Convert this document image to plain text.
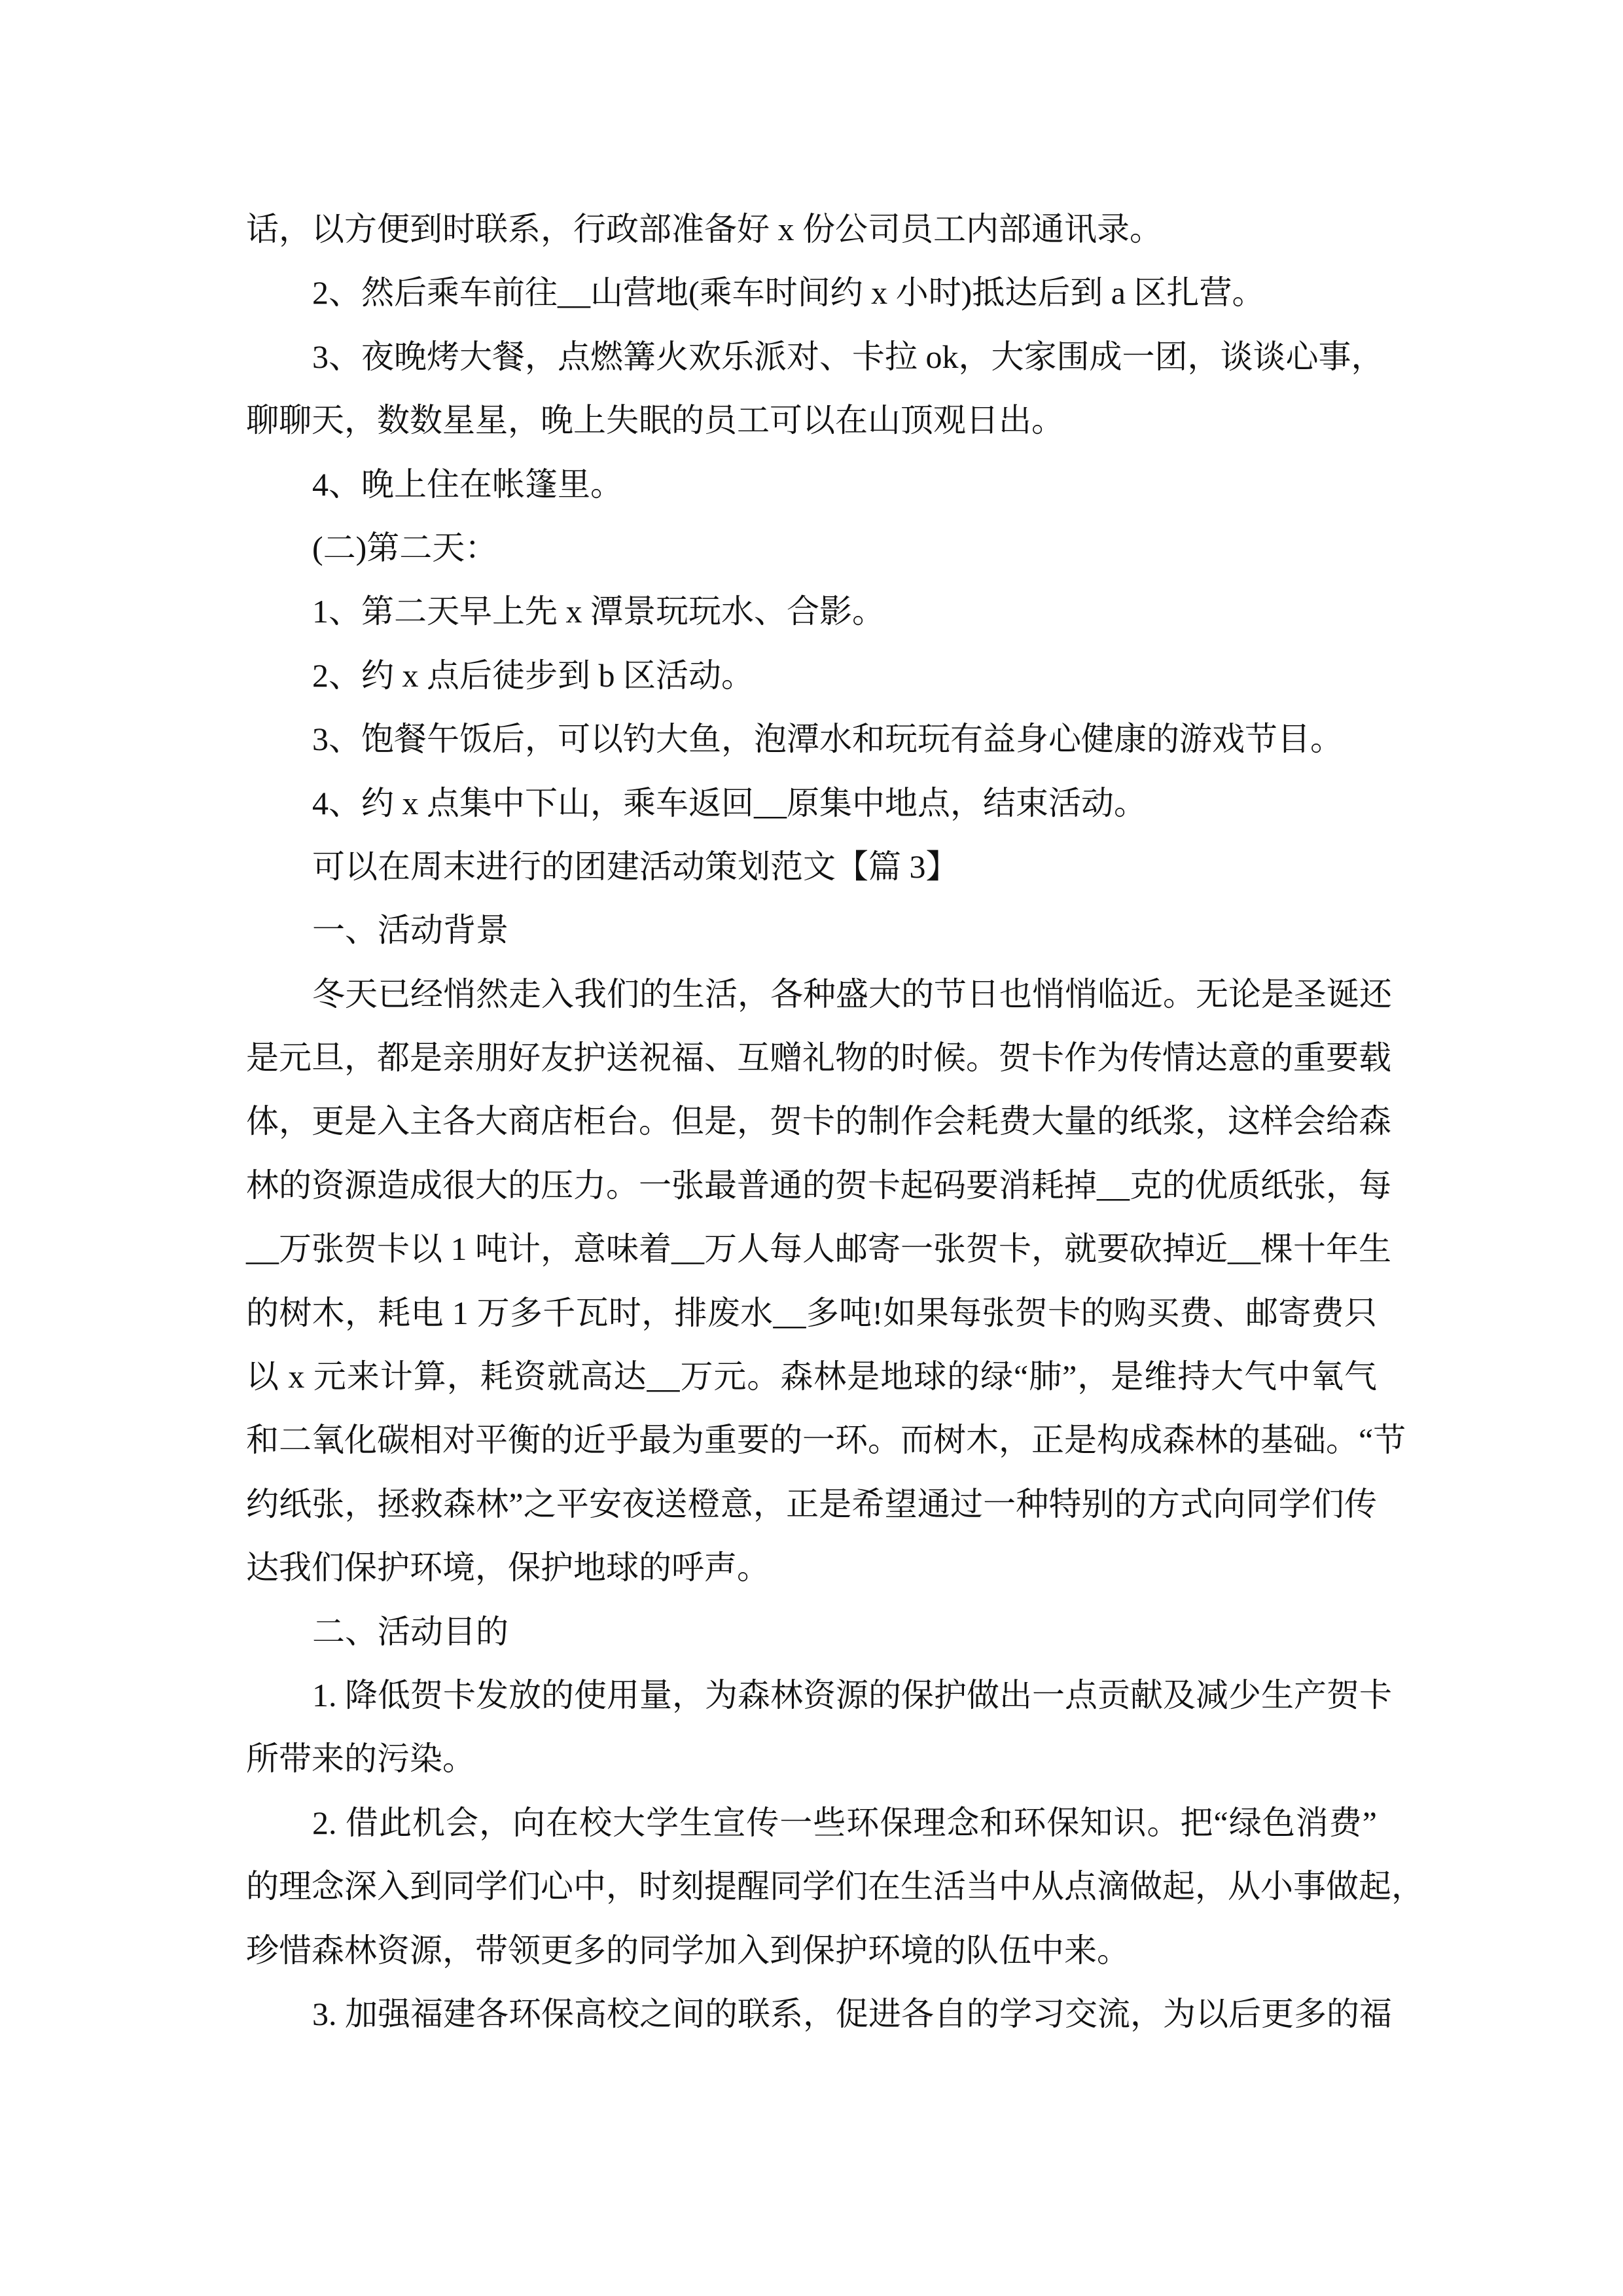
话，以方便到时联系，行政部准备好 x 份公司员工内部通讯录。
2、然后乘车前往__山营地(乘车时间约 x 小时)抵达后到 a 区扎营。
3、夜晚烤大餐，点燃篝火欢乐派对、卡拉 ok，大家围成一团，谈谈心事，
聊聊天，数数星星，晚上失眠的员工可以在山顶观日出。
4、晚上住在帐篷里。
(二)第二天：
1、第二天早上先 x 潭景玩玩水、合影。
2、约 x 点后徒步到 b 区活动。
3、饱餐午饭后，可以钓大鱼，泡潭水和玩玩有益身心健康的游戏节目。
4、约 x 点集中下山，乘车返回__原集中地点，结束活动。
可以在周末进行的团建活动策划范文【篇 3】
一、活动背景
冬天已经悄然走入我们的生活，各种盛大的节日也悄悄临近。无论是圣诞还
是元旦，都是亲朋好友护送祝福、互赠礼物的时候。贺卡作为传情达意的重要载
体，更是入主各大商店柜台。但是，贺卡的制作会耗费大量的纸浆，这样会给森
林的资源造成很大的压力。一张最普通的贺卡起码要消耗掉__克的优质纸张，每
__万张贺卡以 1 吨计，意味着__万人每人邮寄一张贺卡，就要砍掉近__棵十年生
的树木，耗电 1 万多千瓦时，排废水__多吨!如果每张贺卡的购买费、邮寄费只
以 x 元来计算，耗资就高达__万元。森林是地球的绿“肺”，是维持大气中氧气
和二氧化碳相对平衡的近乎最为重要的一环。而树木，正是构成森林的基础。“节
约纸张，拯救森林”之平安夜送橙意，正是希望通过一种特别的方式向同学们传
达我们保护环境，保护地球的呼声。
二、活动目的
1. 降低贺卡发放的使用量，为森林资源的保护做出一点贡献及减少生产贺卡
所带来的污染。
2. 借此机会，向在校大学生宣传一些环保理念和环保知识。把“绿色消费”
的理念深入到同学们心中，时刻提醒同学们在生活当中从点滴做起，从小事做起，
珍惜森林资源，带领更多的同学加入到保护环境的队伍中来。
3. 加强福建各环保高校之间的联系，促进各自的学习交流，为以后更多的福
